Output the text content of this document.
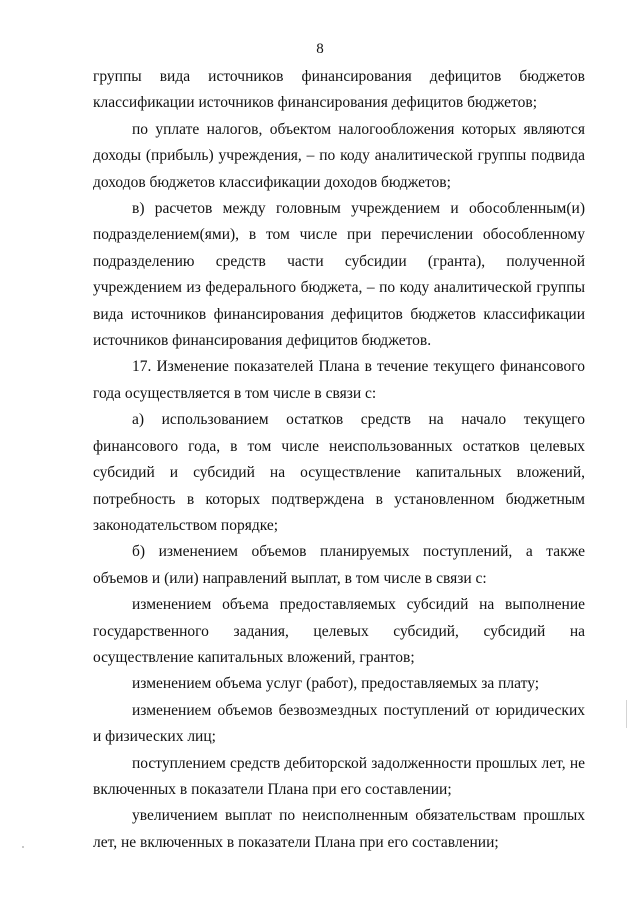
8

группы вида источников финансирования дефицитов бюджетов классификации источников финансирования дефицитов бюджетов;

по уплате налогов, объектом налогообложения которых являются доходы (прибыль) учреждения, – по коду аналитической группы подвида доходов бюджетов классификации доходов бюджетов;

в) расчетов между головным учреждением и обособленным(и) подразделением(ями), в том числе при перечислении обособленному подразделению средств части субсидии (гранта), полученной учреждением из федерального бюджета, – по коду аналитической группы вида источников финансирования дефицитов бюджетов классификации источников финансирования дефицитов бюджетов.

17. Изменение показателей Плана в течение текущего финансового года осуществляется в том числе в связи с:

а) использованием остатков средств на начало текущего финансового года, в том числе неиспользованных остатков целевых субсидий и субсидий на осуществление капитальных вложений, потребность в которых подтверждена в установленном бюджетным законодательством порядке;

б) изменением объемов планируемых поступлений, а также объемов и (или) направлений выплат, в том числе в связи с:

изменением объема предоставляемых субсидий на выполнение государственного задания, целевых субсидий, субсидий на осуществление капитальных вложений, грантов;

изменением объема услуг (работ), предоставляемых за плату;

изменением объемов безвозмездных поступлений от юридических и физических лиц;

поступлением средств дебиторской задолженности прошлых лет, не включенных в показатели Плана при его составлении;

увеличением выплат по неисполненным обязательствам прошлых лет, не включенных в показатели Плана при его составлении;
